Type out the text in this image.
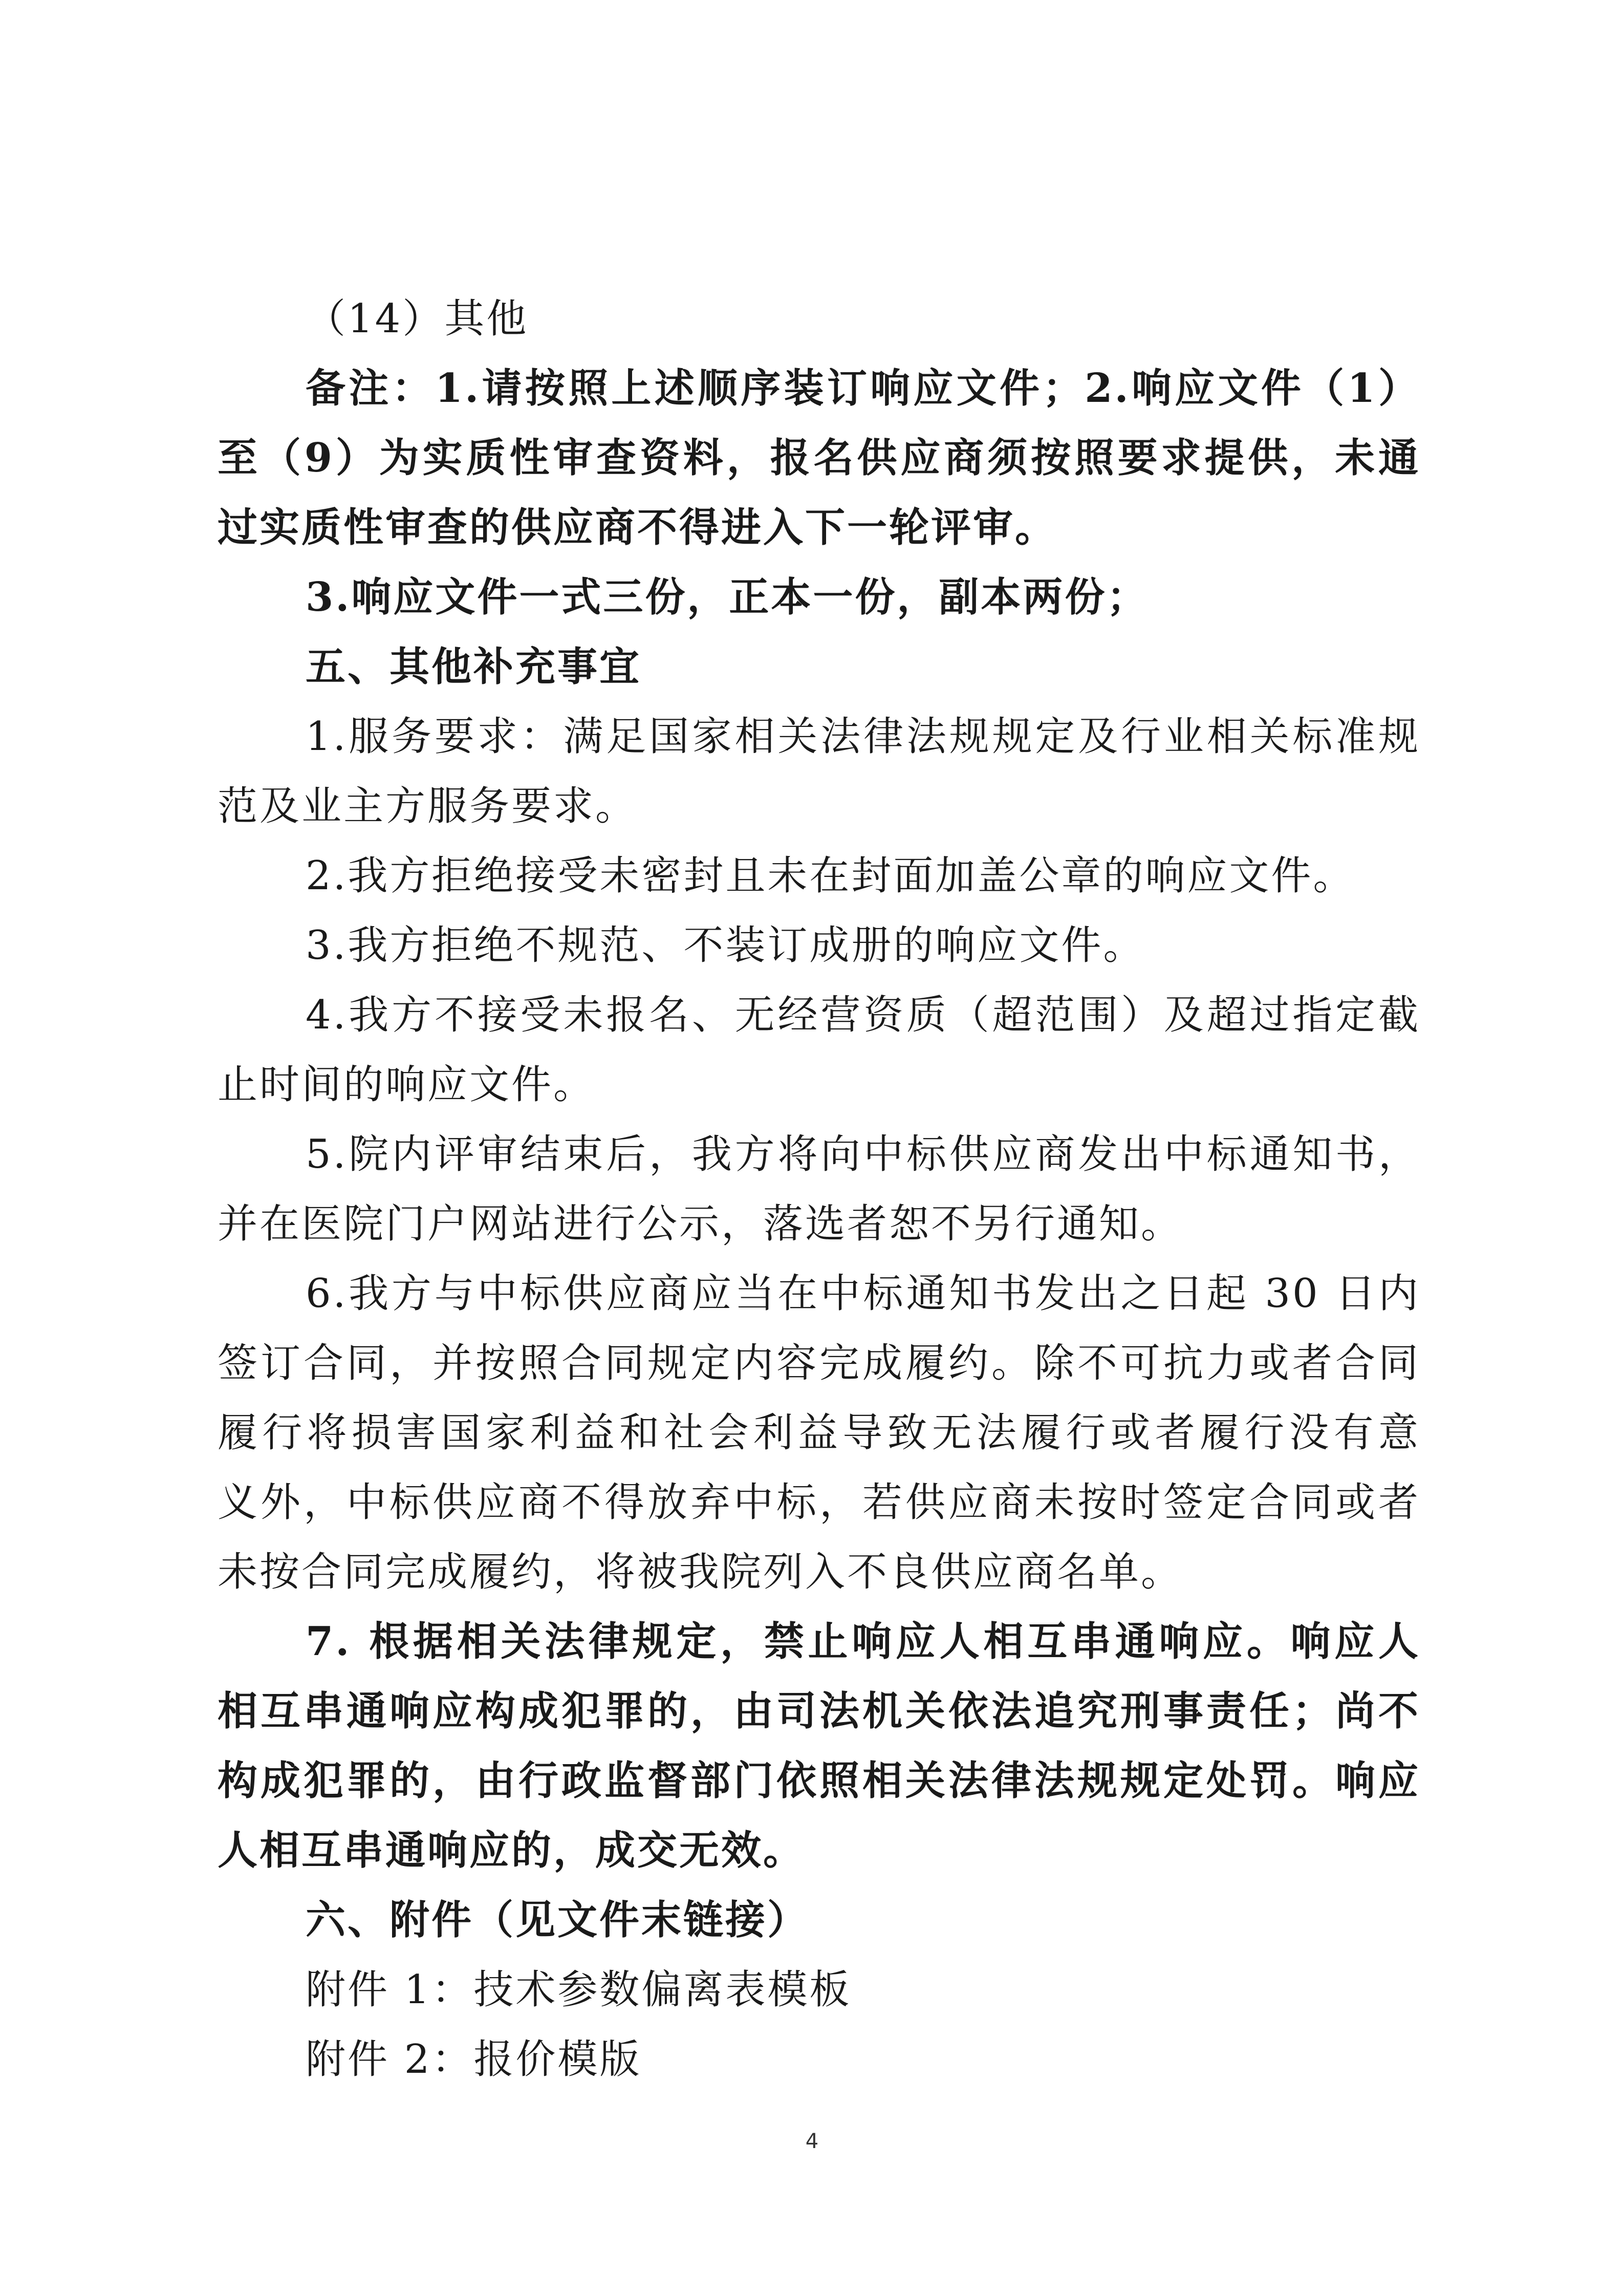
（14）其他
备注：1.请按照上述顺序装订响应文件；2.响应文件（1）
至（9）为实质性审查资料，报名供应商须按照要求提供，未通
过实质性审查的供应商不得进入下一轮评审。
3.响应文件一式三份，正本一份，副本两份；
五、其他补充事宜
1.服务要求：满足国家相关法律法规规定及行业相关标准规
范及业主方服务要求。
2.我方拒绝接受未密封且未在封面加盖公章的响应文件。
3.我方拒绝不规范、不装订成册的响应文件。
4.我方不接受未报名、无经营资质（超范围）及超过指定截
止时间的响应文件。
5.院内评审结束后，我方将向中标供应商发出中标通知书，
并在医院门户网站进行公示，落选者恕不另行通知。
6.我方与中标供应商应当在中标通知书发出之日起 30 日内
签订合同，并按照合同规定内容完成履约。除不可抗力或者合同
履行将损害国家利益和社会利益导致无法履行或者履行没有意
义外，中标供应商不得放弃中标，若供应商未按时签定合同或者
未按合同完成履约，将被我院列入不良供应商名单。
7. 根据相关法律规定，禁止响应人相互串通响应。响应人
相互串通响应构成犯罪的，由司法机关依法追究刑事责任；尚不
构成犯罪的，由行政监督部门依照相关法律法规规定处罚。响应
人相互串通响应的，成交无效。
六、附件（见文件末链接）
附件 1：技术参数偏离表模板
附件 2：报价模版
4
